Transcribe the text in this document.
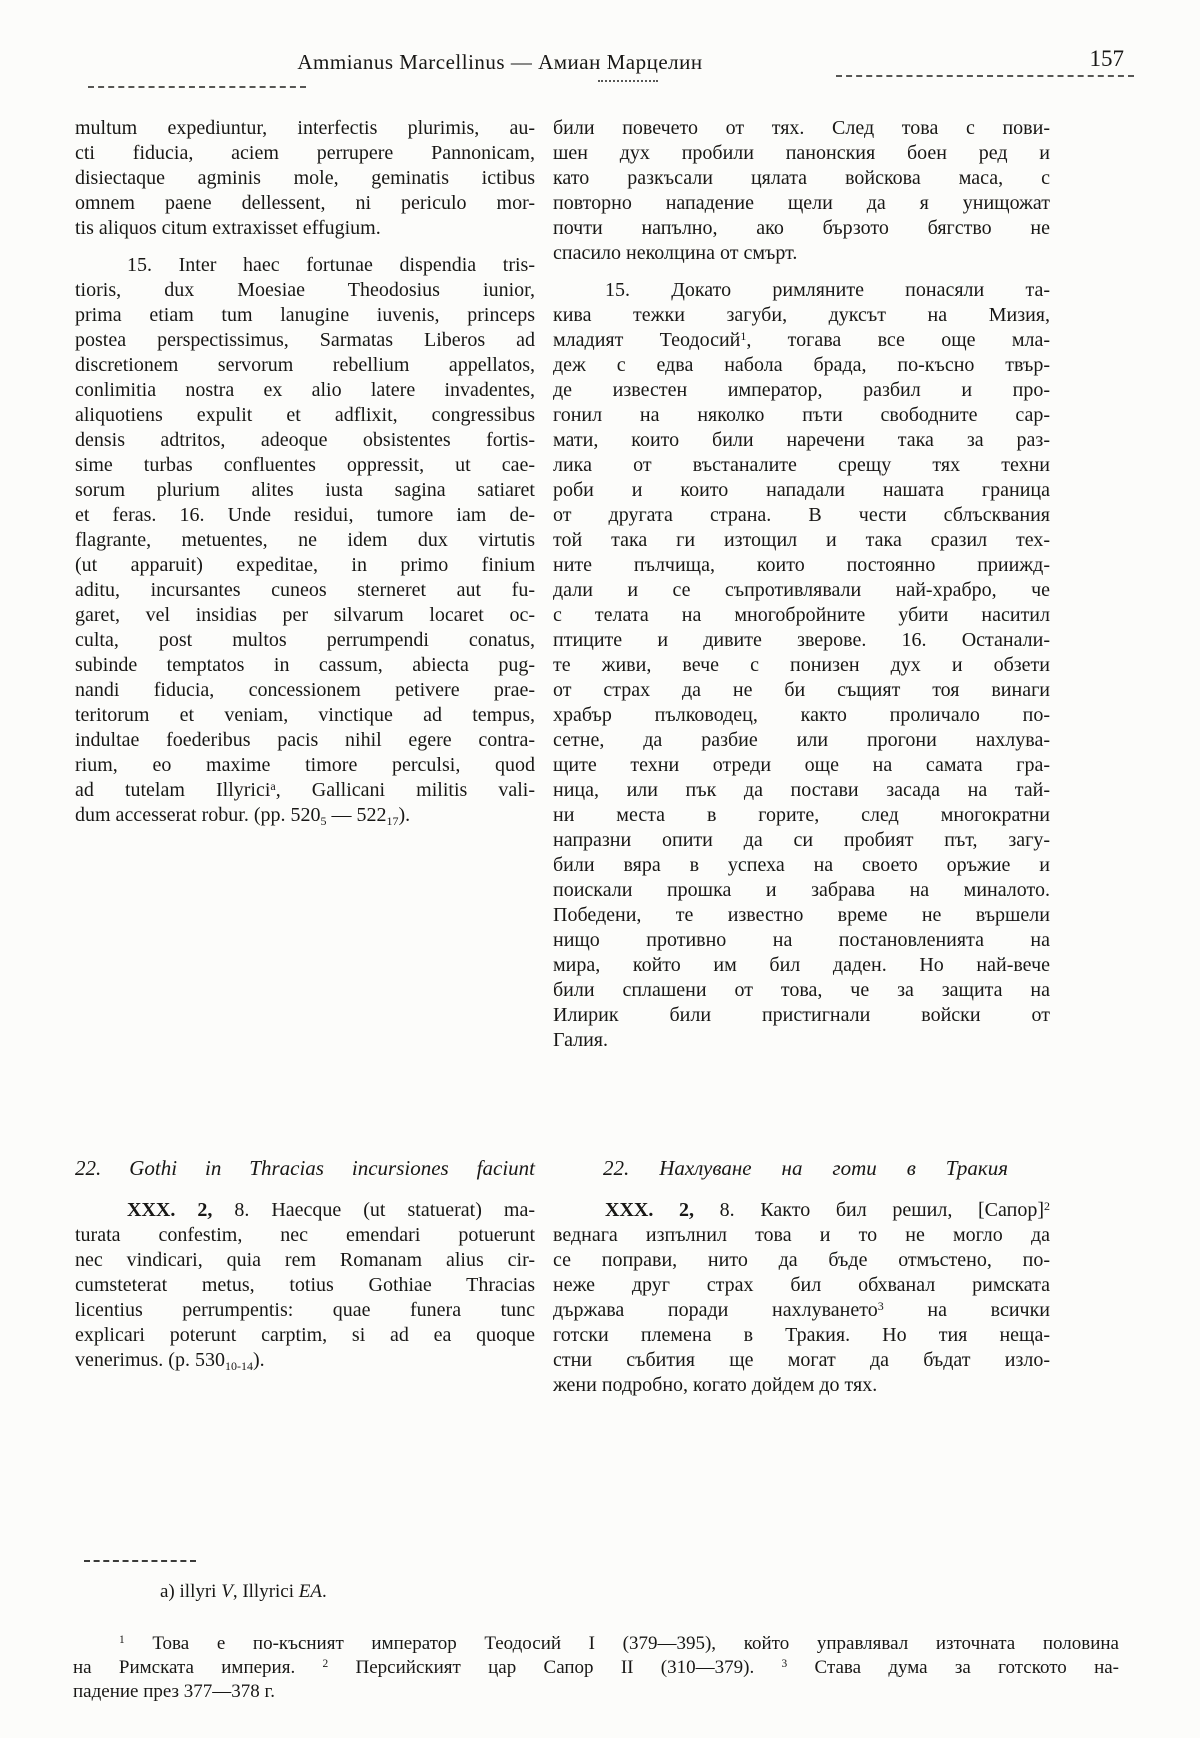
Ammianus Marcellinus — Амиан Марцелин	157
multum expediuntur, interfectis plurimis, au-
cti fiducia, aciem perrupere Pannonicam,
disiectaque agminis mole, geminatis ictibus
omnem paene dellessent, ni periculo mor-
tis aliquos citum extraxisset effugium.
15. Inter haec fortunae dispendia tris-
tioris, dux Moesiae Theodosius iunior,
prima etiam tum lanugine iuvenis, princeps
postea perspectissimus, Sarmatas Liberos ad
discretionem servorum rebellium appellatos,
conlimitia nostra ex alio latere invadentes,
aliquotiens expulit et adflixit, congressibus
densis adtritos, adeoque obsistentes fortis-
sime turbas confluentes oppressit, ut cae-
sorum plurium alites iusta sagina satiaret
et feras. 16. Unde residui, tumore iam de-
flagrante, metuentes, ne idem dux virtutis
(ut apparuit) expeditae, in primo finium
aditu, incursantes cuneos sterneret aut fu-
garet, vel insidias per silvarum locaret oc-
culta, post multos perrumpendi conatus,
subinde temptatos in cassum, abiecta pug-
nandi fiducia, concessionem petivere prae-
teritorum et veniam, vinctique ad tempus,
indultae foederibus pacis nihil egere contra-
rium, eo maxime timore perculsi, quod
ad tutelam Illyrici$^a$, Gallicani militis vali-
dum accesserat robur. (pp. $520_5$ — $522_{17}$).
22. Gothi in Thracias incursiones faciunt
XXX. 2, 8. Haecque (ut statuerat) ma-
turata confestim, nec emendari potuerunt
nec vindicari, quia rem Romanam alius cir-
cumsteterat metus, totius Gothiae Thracias
licentius perrumpentis: quae funera tunc
explicari poterunt carptim, si ad ea quoque
venerimus. (p. $530_{10-14}$).
били повечето от тях. След това с пови-
шен дух пробили панонския боен ред и
като разкъсали цялата войскова маса, с
повторно нападение щели да я унищожат
почти напълно, ако бързото бягство не
спасило неколцина от смърт.
15. Докато римляните понасяли та-
кива тежки загуби, дуксът на Мизия,
младият Теодосий$^1$, тогава все още мла-
деж с едва набола брада, по-късно твър-
де известен император, разбил и про-
гонил на няколко пъти свободните сар-
мати, които били наречени така за раз-
лика от въстаналите срещу тях техни
роби и които нападали нашата граница
от другата страна. В чести сблъсквания
той така ги изтощил и така сразил тех-
ните пълчища, които постоянно приижд-
дали и се съпротивлявали най-храбро, че
с телата на многобройните убити наситил
птиците и дивите зверове. 16. Останали-
те живи, вече с понизен дух и обзети
от страх да не би същият тоя винаги
храбър пълководец, както проличало по-
сетне, да разбие или прогони нахлува-
щите техни отреди още на самата гра-
ница, или пък да постави засада на тай-
ни места в горите, след многократни
напразни опити да си пробият път, загу-
били вяра в успеха на своето оръжие и
поискали прошка и забрава на миналото.
Победени, те известно време не вършели
нищо противно на постановленията на
мира, който им бил даден. Но най-вече
били сплашени от това, че за защита на
Илирик били пристигнали войски от
Галия.
22. Нахлуване на готи в Тракия
XXX. 2, 8. Както бил решил, [Сапор]$^2$
веднага изпълнил това и то не могло да
се поправи, нито да бъде отмъстено, по-
неже друг страх бил обхванал римската
държава поради нахлуването$^3$ на всички
готски племена в Тракия. Но тия неща-
стни събития ще могат да бъдат изло-
жени подробно, когато дойдем до тях.
a) illyri V, Illyrici EA.
$^1$ Това е по-късният император Теодосий I (379—395), който управлявал източната половина
на Римската империя. $^2$ Персийският цар Сапор II (310—379). $^3$ Става дума за готското на-
падение през 377—378 г.
